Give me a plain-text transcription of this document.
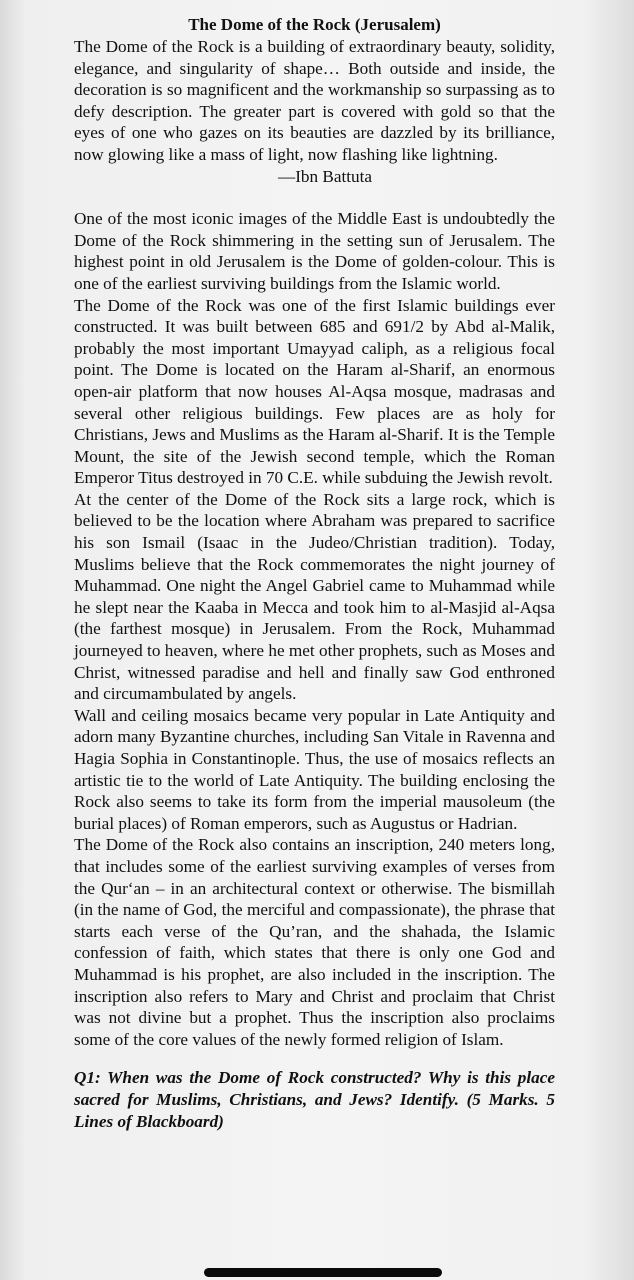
The Dome of the Rock (Jerusalem)

The Dome of the Rock is a building of extraordinary beauty, solidity, elegance, and singularity of shape… Both outside and inside, the decoration is so magnificent and the workmanship so surpassing as to defy description. The greater part is covered with gold so that the eyes of one who gazes on its beauties are dazzled by its brilliance, now glowing like a mass of light, now flashing like lightning.

—Ibn Battuta

One of the most iconic images of the Middle East is undoubtedly the Dome of the Rock shimmering in the setting sun of Jerusalem. The highest point in old Jerusalem is the Dome of golden-colour. This is one of the earliest surviving buildings from the Islamic world.

The Dome of the Rock was one of the first Islamic buildings ever constructed. It was built between 685 and 691/2 by Abd al-Malik, probably the most important Umayyad caliph, as a religious focal point. The Dome is located on the Haram al-Sharif, an enormous open-air platform that now houses Al-Aqsa mosque, madrasas and several other religious buildings. Few places are as holy for Christians, Jews and Muslims as the Haram al-Sharif. It is the Temple Mount, the site of the Jewish second temple, which the Roman Emperor Titus destroyed in 70 C.E. while subduing the Jewish revolt.

At the center of the Dome of the Rock sits a large rock, which is believed to be the location where Abraham was prepared to sacrifice his son Ismail (Isaac in the Judeo/Christian tradition). Today, Muslims believe that the Rock commemorates the night journey of Muhammad. One night the Angel Gabriel came to Muhammad while he slept near the Kaaba in Mecca and took him to al-Masjid al-Aqsa (the farthest mosque) in Jerusalem. From the Rock, Muhammad journeyed to heaven, where he met other prophets, such as Moses and Christ, witnessed paradise and hell and finally saw God enthroned and circumambulated by angels.

Wall and ceiling mosaics became very popular in Late Antiquity and adorn many Byzantine churches, including San Vitale in Ravenna and Hagia Sophia in Constantinople. Thus, the use of mosaics reflects an artistic tie to the world of Late Antiquity. The building enclosing the Rock also seems to take its form from the imperial mausoleum (the burial places) of Roman emperors, such as Augustus or Hadrian.

The Dome of the Rock also contains an inscription, 240 meters long, that includes some of the earliest surviving examples of verses from the Qur‘an – in an architectural context or otherwise. The bismillah (in the name of God, the merciful and compassionate), the phrase that starts each verse of the Qu’ran, and the shahada, the Islamic confession of faith, which states that there is only one God and Muhammad is his prophet, are also included in the inscription. The inscription also refers to Mary and Christ and proclaim that Christ was not divine but a prophet. Thus the inscription also proclaims some of the core values of the newly formed religion of Islam.

Q1: When was the Dome of Rock constructed? Why is this place sacred for Muslims, Christians, and Jews? Identify. (5 Marks. 5 Lines of Blackboard)
